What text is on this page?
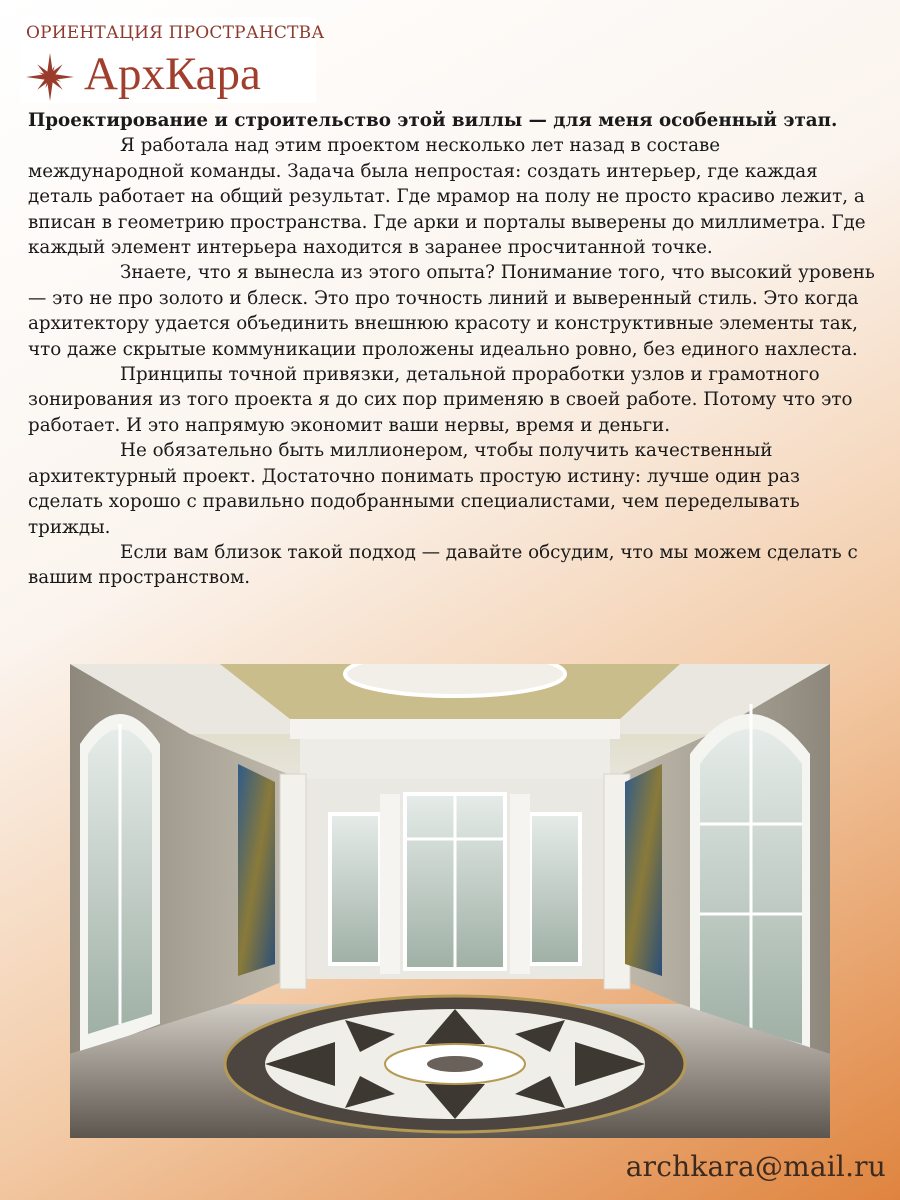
ОРИЕНТАЦИЯ ПРОСТРАНСТВА
АрхКара

Проектирование и строительство этой виллы — для меня особенный этап.

Я работала над этим проектом несколько лет назад в составе международной команды. Задача была непростая: создать интерьер, где каждая деталь работает на общий результат. Где мрамор на полу не просто красиво лежит, а вписан в геометрию пространства. Где арки и порталы выверены до миллиметра. Где каждый элемент интерьера находится в заранее просчитанной точке.

Знаете, что я вынесла из этого опыта? Понимание того, что высокий уровень — это не про золото и блеск. Это про точность линий и выверенный стиль. Это когда архитектору удается объединить внешнюю красоту и конструктивные элементы так, что даже скрытые коммуникации проложены идеально ровно, без единого нахлеста.

Принципы точной привязки, детальной проработки узлов и грамотного зонирования из того проекта я до сих пор применяю в своей работе. Потому что это работает. И это напрямую экономит ваши нервы, время и деньги.

Не обязательно быть миллионером, чтобы получить качественный архитектурный проект. Достаточно понимать простую истину: лучше один раз сделать хорошо с правильно подобранными специалистами, чем переделывать трижды.

Если вам близок такой подход — давайте обсудим, что мы можем сделать с вашим пространством.

archkara@mail.ru
